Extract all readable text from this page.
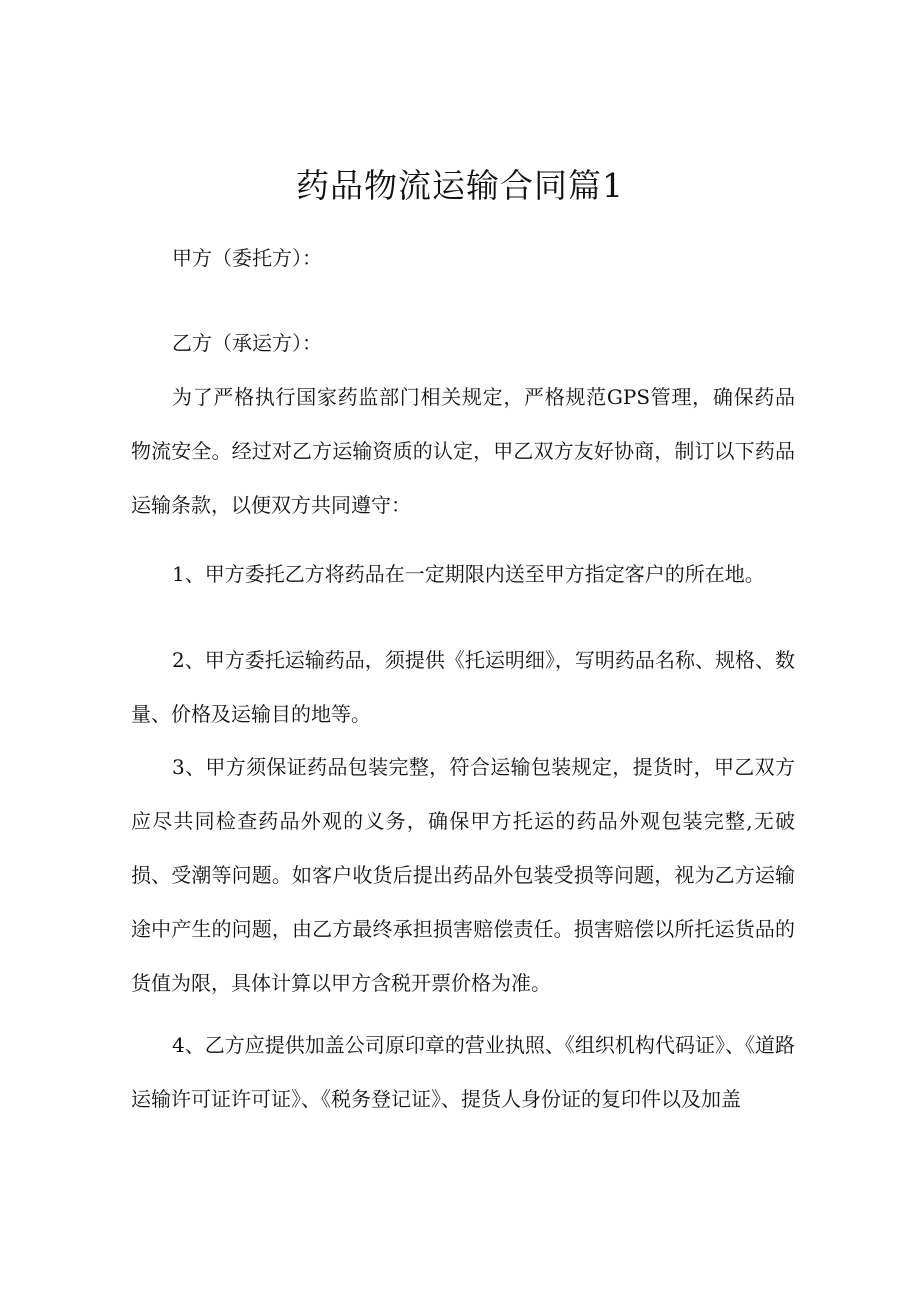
药品物流运输合同篇1
甲方（委托方）：
乙方（承运方）：

为了严格执行国家药监部门相关规定，严格规范GPS管理，确保药品物流安全。经过对乙方运输资质的认定，甲乙双方友好协商，制订以下药品运输条款，以便双方共同遵守：

1、甲方委托乙方将药品在一定期限内送至甲方指定客户的所在地。

2、甲方委托运输药品，须提供《托运明细》，写明药品名称、规格、数量、价格及运输目的地等。

3、甲方须保证药品包装完整，符合运输包装规定，提货时，甲乙双方应尽共同检查药品外观的义务，确保甲方托运的药品外观包装完整,无破损、受潮等问题。如客户收货后提出药品外包装受损等问题，视为乙方运输途中产生的问题，由乙方最终承担损害赔偿责任。损害赔偿以所托运货品的货值为限，具体计算以甲方含税开票价格为准。

4、乙方应提供加盖公司原印章的营业执照、《组织机构代码证》、《道路运输许可证许可证》、《税务登记证》、提货人身份证的复印件以及加盖
